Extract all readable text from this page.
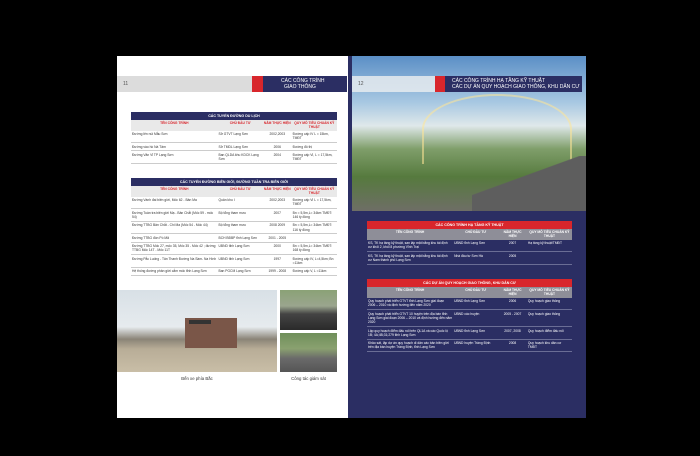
11	CÁC CÔNG TRÌNH
GIAO THÔNG
CÁC TUYẾN ĐƯỜNG DU LỊCH
TÊN CÔNG TRÌNH	CHỦ ĐẦU TƯ	NĂM THỰC HIỆN	QUY MÔ TIÊU CHUẨN KỸ THUẬT
Đường lên núi Mẫu Sơn	Sở GTVT Lạng Sơn	2002,2003	Đường cấp IV L = 15km, TMĐT
Đường vào hồ Nà Tâm	Sở TMDL Lạng Sơn	2006	Đường đô thị
Đường Văn Vỉ TP Lạng Sơn	Ban QLDA khu KDCK Lạng Sơn	2004	Đường cấp VI, L = 17,5km, TMĐT
CÁC TUYẾN ĐƯỜNG BIÊN GIỚI, ĐƯỜNG TUẦN TRA BIÊN GIỚI
TÊN CÔNG TRÌNH	CHỦ ĐẦU TƯ	NĂM THỰC HIỆN	QUY MÔ TIÊU CHUẨN KỸ THUẬT
Đường Vành đai biên giới, Mốc 62 - Bản Ma	Quân khu I	2002,2003	Đường cấp VI L = 17,5km, TMĐT
Đường Tuần tra biên giới Mạ - Bản Chắt (Mốc 59 - mốc 54)	Bộ tổng tham mưu	2007	Bn = 5,5m,L= 34km TMĐT: 146 tỷ đồng
Đường TTBG Bản Chắt - Chi Ma (Mốc 54 - Mốc 44)	Bộ tổng tham mưu	2008 2009	Bn = 5,5m,L= 34km TMĐT: 116 tỷ đồng
Đường TTBG đồn Pò Mã	BCH BĐBP tỉnh Lạng Sơn	2001 - 2005	
Đường TTBG Mốc 27, mốc 35, Mốc 35 - Mốc 42 ; đường TTBG Mốc 14T - Mốc 11T	UBND tỉnh Lạng Sơn	2000	Bn = 5,5m,L= 34km TMĐT: 168 tỷ đồng
Đường Pắc Luống - Tân Thanh Đường Na Sầm- Na Hình	UBND tỉnh Lạng Sơn	1997	Đường cấp IV, L=4,5km; Bn =11km
Hệ thống đường phân giới cắm mốc tỉnh Lạng Sơn	Ban PGCM Lạng Sơn	1999 - 2008	Đường cấp V, L =11km
Bến xe phía Bắc	Công tác giám sát
12	CÁC CÔNG TRÌNH HẠ TẦNG KỸ THUẬT
CÁC DỰ ÁN QUY HOẠCH GIAO THÔNG, KHU DÂN CƯ
CÁC CÔNG TRÌNH HẠ TẦNG KỸ THUẬT
TÊN CÔNG TRÌNH	CHỦ ĐẦU TƯ	NĂM THỰC HIỆN	QUY MÔ TIÊU CHUẨN KỸ THUẬT
KS, TK hạ tầng kỹ thuật, san lấp mặt bằng khu tái định cư khối 2, khối 8 phường Vĩnh Trại	UBND tỉnh Lạng Sơn	2007	Hạ tầng kỹ thuật/TMĐT
KS, TK hạ tầng kỹ thuật, san lấp mặt bằng khu tái định cư Nam thành phố Lạng Sơn	Nhà đầu tư Sơn Hà	2005	
CÁC DỰ ÁN QUY HOẠCH GIAO THÔNG, KHU DÂN CƯ
TÊN CÔNG TRÌNH	CHỦ ĐẦU TƯ	NĂM THỰC HIỆN	QUY MÔ TIÊU CHUẨN KỸ THUẬT
Quy hoạch phát triển GTVT tỉnh Lạng Sơn giai đoạn 2006 – 2010 và định hướng đến năm 2020	UBND tỉnh Lạng Sơn	2006	Quy hoạch giao thông
Quy hoạch phát triển GTVT 10 huyện trên địa bàn tỉnh Lạng Sơn giai đoạn 2006 – 2010 và định hướng đến năm 2020	UBND các huyện	2005 - 2007	Quy hoạch giao thông
Lập quy hoạch điểm đấu nối trên QL1A và các Quốc lộ 1B; 4A;4B;31;279 tỉnh Lạng Sơn	UBND tỉnh Lạng Sơn	2007, 2008	Quy hoạch điểm đấu nối
Khảo sát, lập dự án quy hoạch di dân các bản biên giới trên địa bàn huyện Tràng Định, tỉnh Lạng Sơn	UBND huyện Tràng Định	2008	Quy hoạch khu dân cư TMĐT
